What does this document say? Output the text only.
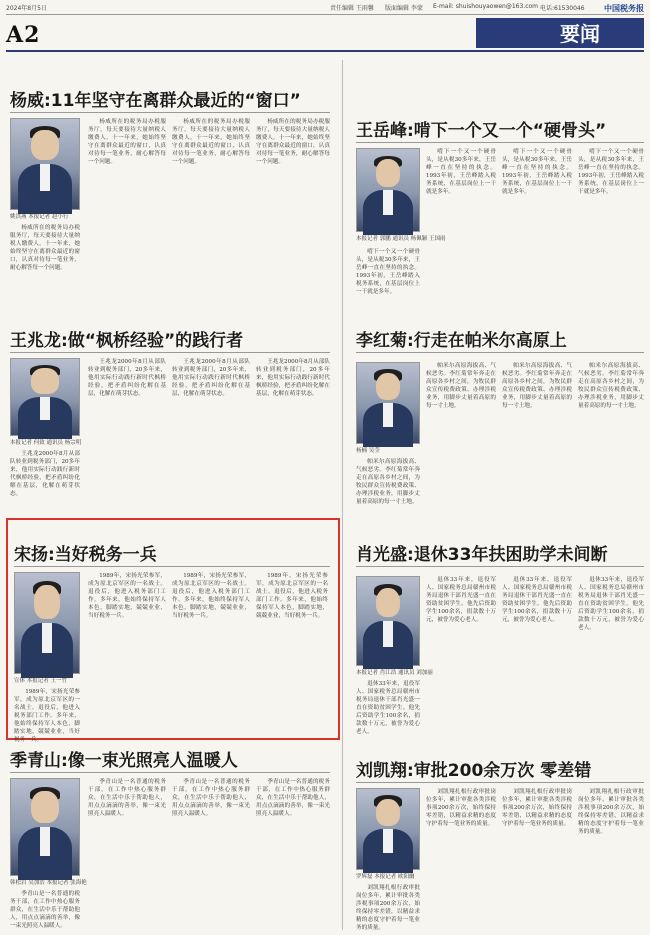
2024年8月5日	责任编辑 王雨馨 版面编辑 李蒙 E-mail: shuishouyaowen@163.com 电话:61530046 中国税务报
A2	要闻
杨威:11年坚守在离群众最近的“窗口”
姚洪燕 本报记者 赵小行

杨威所在的税务局办税服务厅，每天要接待大量纳税人缴费人。十一年来，她始终坚守在离群众最近的窗口，认真对待每一笔业务，耐心解答每一个问题。

杨威所在的税务局办税服务厅，每天要接待大量纳税人缴费人。十一年来，她始终坚守在离群众最近的窗口，认真对待每一笔业务，耐心解答每一个问题。

杨威所在的税务局办税服务厅，每天要接待大量纳税人缴费人。十一年来，她始终坚守在离群众最近的窗口，认真对待每一笔业务，耐心解答每一个问题。

杨威所在的税务局办税服务厅，每天要接待大量纳税人缴费人。十一年来，她始终坚守在离群众最近的窗口，认真对待每一笔业务，耐心解答每一个问题。

王岳峰:啃下一个又一个“硬骨头”
本报记者 郭鹏 通讯员 杨佩颖 王国雨

啃下一个又一个硬骨头，是从税30多年来，王岳峰一直在坚持的执念。1993年初，王岳峰踏入税务系统，在基层岗位上一干就是多年。

啃下一个又一个硬骨头，是从税30多年来，王岳峰一直在坚持的执念。1993年初，王岳峰踏入税务系统，在基层岗位上一干就是多年。

啃下一个又一个硬骨头，是从税30多年来，王岳峰一直在坚持的执念。1993年初，王岳峰踏入税务系统，在基层岗位上一干就是多年。

啃下一个又一个硬骨头，是从税30多年来，王岳峰一直在坚持的执念。1993年初，王岳峰踏入税务系统，在基层岗位上一干就是多年。

王兆龙:做“枫桥经验”的践行者
本报记者 何致 通讯员 杨宗明

王兆龙2000年8月从部队转业到税务部门，20多年来，他用实际行动践行新时代枫桥经验，把矛盾纠纷化解在基层，化解在萌芽状态。

王兆龙2000年8月从部队转业到税务部门，20多年来，他用实际行动践行新时代枫桥经验，把矛盾纠纷化解在基层，化解在萌芽状态。

王兆龙2000年8月从部队转业到税务部门，20多年来，他用实际行动践行新时代枫桥经验，把矛盾纠纷化解在基层，化解在萌芽状态。

王兆龙2000年8月从部队转业到税务部门，20多年来，他用实际行动践行新时代枫桥经验，把矛盾纠纷化解在基层，化解在萌芽状态。

李红菊:行走在帕米尔高原上
杨楠 吴莹

帕米尔高原海拔高、气候恶劣。李红菊常年奔走在高原各乡村之间，为牧民群众宣传税费政策、办理涉税业务，用脚步丈量着高原的每一寸土地。

帕米尔高原海拔高、气候恶劣。李红菊常年奔走在高原各乡村之间，为牧民群众宣传税费政策、办理涉税业务，用脚步丈量着高原的每一寸土地。

帕米尔高原海拔高、气候恶劣。李红菊常年奔走在高原各乡村之间，为牧民群众宣传税费政策、办理涉税业务，用脚步丈量着高原的每一寸土地。

帕米尔高原海拔高、气候恶劣。李红菊常年奔走在高原各乡村之间，为牧民群众宣传税费政策、办理涉税业务，用脚步丈量着高原的每一寸土地。

宋扬:当好税务一兵
宣体 本报记者 王一竹

1989年，宋扬光荣参军，成为原北京军区的一名战士。退役后，他进入税务部门工作。多年来，他始终保持军人本色，脚踏实地，兢兢业业，当好税务一兵。

1989年，宋扬光荣参军，成为原北京军区的一名战士。退役后，他进入税务部门工作。多年来，他始终保持军人本色，脚踏实地，兢兢业业，当好税务一兵。

1989年，宋扬光荣参军，成为原北京军区的一名战士。退役后，他进入税务部门工作。多年来，他始终保持军人本色，脚踏实地，兢兢业业，当好税务一兵。

1989年，宋扬光荣参军，成为原北京军区的一名战士。退役后，他进入税务部门工作。多年来，他始终保持军人本色，脚踏实地，兢兢业业，当好税务一兵。

肖光盛:退休33年扶困助学未间断
本报记者 肖江浩 通讯员 刘加丽

退休33年来，退役军人、国家税务总局赣州市税务局退休干部肖光盛一直在资助贫困学生。他先后资助学生100余名，捐款数十万元，被誉为爱心老人。

退休33年来，退役军人、国家税务总局赣州市税务局退休干部肖光盛一直在资助贫困学生。他先后资助学生100余名，捐款数十万元，被誉为爱心老人。

退休33年来，退役军人、国家税务总局赣州市税务局退休干部肖光盛一直在资助贫困学生。他先后资助学生100余名，捐款数十万元，被誉为爱心老人。

退休33年来，退役军人、国家税务总局赣州市税务局退休干部肖光盛一直在资助贫困学生。他先后资助学生100余名，捐款数十万元，被誉为爱心老人。

季青山:像一束光照亮人温暖人
韩松岩 吴加浩 本报记者 张海艳

季青山是一名普通的税务干部，在工作中热心服务群众，在生活中乐于帮助他人，用点点滴滴的善举，像一束光照亮人温暖人。

季青山是一名普通的税务干部，在工作中热心服务群众，在生活中乐于帮助他人，用点点滴滴的善举，像一束光照亮人温暖人。

季青山是一名普通的税务干部，在工作中热心服务群众，在生活中乐于帮助他人，用点点滴滴的善举，像一束光照亮人温暖人。

季青山是一名普通的税务干部，在工作中热心服务群众，在生活中乐于帮助他人，用点点滴滴的善举，像一束光照亮人温暖人。

刘凯翔:审批200余万次 零差错
罗辉磊 本报记者 欧阳幽

刘凯翔扎根行政审批岗位多年，累计审批各类涉税事项200余万次，始终保持零差错，以精益求精的态度守护着每一笔业务的质量。

刘凯翔扎根行政审批岗位多年，累计审批各类涉税事项200余万次，始终保持零差错，以精益求精的态度守护着每一笔业务的质量。

刘凯翔扎根行政审批岗位多年，累计审批各类涉税事项200余万次，始终保持零差错，以精益求精的态度守护着每一笔业务的质量。

刘凯翔扎根行政审批岗位多年，累计审批各类涉税事项200余万次，始终保持零差错，以精益求精的态度守护着每一笔业务的质量。
